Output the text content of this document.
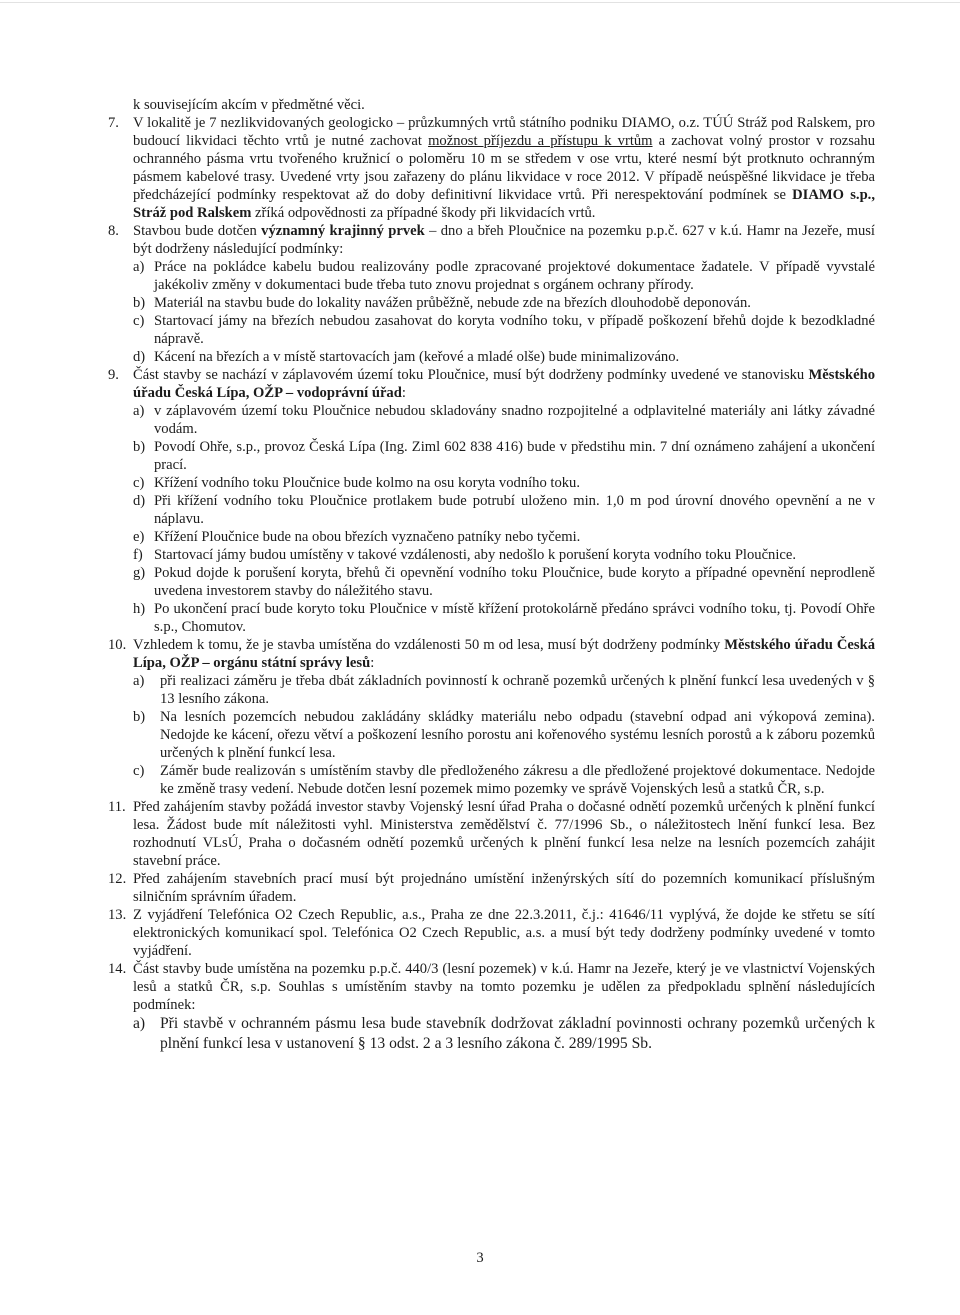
k souvisejícím akcím v předmětné věci.
7. V lokalitě je 7 nezlikvidovaných geologicko – průzkumných vrtů státního podniku DIAMO, o.z. TÚÚ Stráž pod Ralskem, pro budoucí likvidaci těchto vrtů je nutné zachovat možnost příjezdu a přístupu k vrtům a zachovat volný prostor v rozsahu ochranného pásma vrtu tvořeného kružnicí o poloměru 10 m se středem v ose vrtu, které nesmí být protknuto ochranným pásmem kabelové trasy. Uvedené vrty jsou zařazeny do plánu likvidace v roce 2012. V případě neúspěšné likvidace je třeba předcházející podmínky respektovat až do doby definitivní likvidace vrtů. Při nerespektování podmínek se DIAMO s.p., Stráž pod Ralskem zříká odpovědnosti za případné škody při likvidacích vrtů.
8. Stavbou bude dotčen významný krajinný prvek – dno a břeh Ploučnice na pozemku p.p.č. 627 v k.ú. Hamr na Jezeře, musí být dodrženy následující podmínky:
a) Práce na pokládce kabelu budou realizovány podle zpracované projektové dokumentace žadatele. V případě vyvstalé jakékoliv změny v dokumentaci bude třeba tuto znovu projednat s orgánem ochrany přírody.
b) Materiál na stavbu bude do lokality navážen průběžně, nebude zde na březích dlouhodobě deponován.
c) Startovací jámy na březích nebudou zasahovat do koryta vodního toku, v případě poškození břehů dojde k bezodkladné nápravě.
d) Kácení na březích a v místě startovacích jam (keřové a mladé olše) bude minimalizováno.
9. Část stavby se nachází v záplavovém území toku Ploučnice, musí být dodrženy podmínky uvedené ve stanovisku Městského úřadu Česká Lípa, OŽP – vodoprávní úřad:
a) v záplavovém území toku Ploučnice nebudou skladovány snadno rozpojitelné a odplavitelné materiály ani látky závadné vodám.
b) Povodí Ohře, s.p., provoz Česká Lípa (Ing. Ziml 602 838 416) bude v předstihu min. 7 dní oznámeno zahájení a ukončení prací.
c) Křížení vodního toku Ploučnice bude kolmo na osu koryta vodního toku.
d) Při křížení vodního toku Ploučnice protlakem bude potrubí uloženo min. 1,0 m pod úrovní dnového opevnění a ne v náplavu.
e) Křížení Ploučnice bude na obou březích vyznačeno patníky nebo tyčemi.
f) Startovací jámy budou umístěny v takové vzdálenosti, aby nedošlo k porušení koryta vodního toku Ploučnice.
g) Pokud dojde k porušení koryta, břehů či opevnění vodního toku Ploučnice, bude koryto a případné opevnění neprodleně uvedena investorem stavby do náležitého stavu.
h) Po ukončení prací bude koryto toku Ploučnice v místě křížení protokolárně předáno správci vodního toku, tj. Povodí Ohře s.p., Chomutov.
10. Vzhledem k tomu, že je stavba umístěna do vzdálenosti 50 m od lesa, musí být dodrženy podmínky Městského úřadu Česká Lípa, OŽP – orgánu státní správy lesů:
a) při realizaci záměru je třeba dbát základních povinností k ochraně pozemků určených k plnění funkcí lesa uvedených v § 13 lesního zákona.
b) Na lesních pozemcích nebudou zakládány skládky materiálu nebo odpadu (stavební odpad ani výkopová zemina). Nedojde ke kácení, ořezu větví a poškození lesního porostu ani kořenového systému lesních porostů a k záboru pozemků určených k plnění funkcí lesa.
c) Záměr bude realizován s umístěním stavby dle předloženého zákresu a dle předložené projektové dokumentace. Nedojde ke změně trasy vedení. Nebude dotčen lesní pozemek mimo pozemky ve správě Vojenských lesů a statků ČR, s.p.
11. Před zahájením stavby požádá investor stavby Vojenský lesní úřad Praha o dočasné odnětí pozemků určených k plnění funkcí lesa. Žádost bude mít náležitosti vyhl. Ministerstva zemědělství č. 77/1996 Sb., o náležitostech lnění funkcí lesa. Bez rozhodnutí VLsÚ, Praha o dočasném odnětí pozemků určených k plnění funkcí lesa nelze na lesních pozemcích zahájit stavební práce.
12. Před zahájením stavebních prací musí být projednáno umístění inženýrských sítí do pozemních komunikací příslušným silničním správním úřadem.
13. Z vyjádření Telefónica O2 Czech Republic, a.s., Praha ze dne 22.3.2011, č.j.: 41646/11 vyplývá, že dojde ke střetu se sítí elektronických komunikací spol. Telefónica O2 Czech Republic, a.s. a musí být tedy dodrženy podmínky uvedené v tomto vyjádření.
14. Část stavby bude umístěna na pozemku p.p.č. 440/3 (lesní pozemek) v k.ú. Hamr na Jezeře, který je ve vlastnictví Vojenských lesů a statků ČR, s.p. Souhlas s umístěním stavby na tomto pozemku je udělen za předpokladu splnění následujících podmínek:
a) Při stavbě v ochranném pásmu lesa bude stavebník dodržovat základní povinnosti ochrany pozemků určených k plnění funkcí lesa v ustanovení § 13 odst. 2 a 3 lesního zákona č. 289/1995 Sb.
3
